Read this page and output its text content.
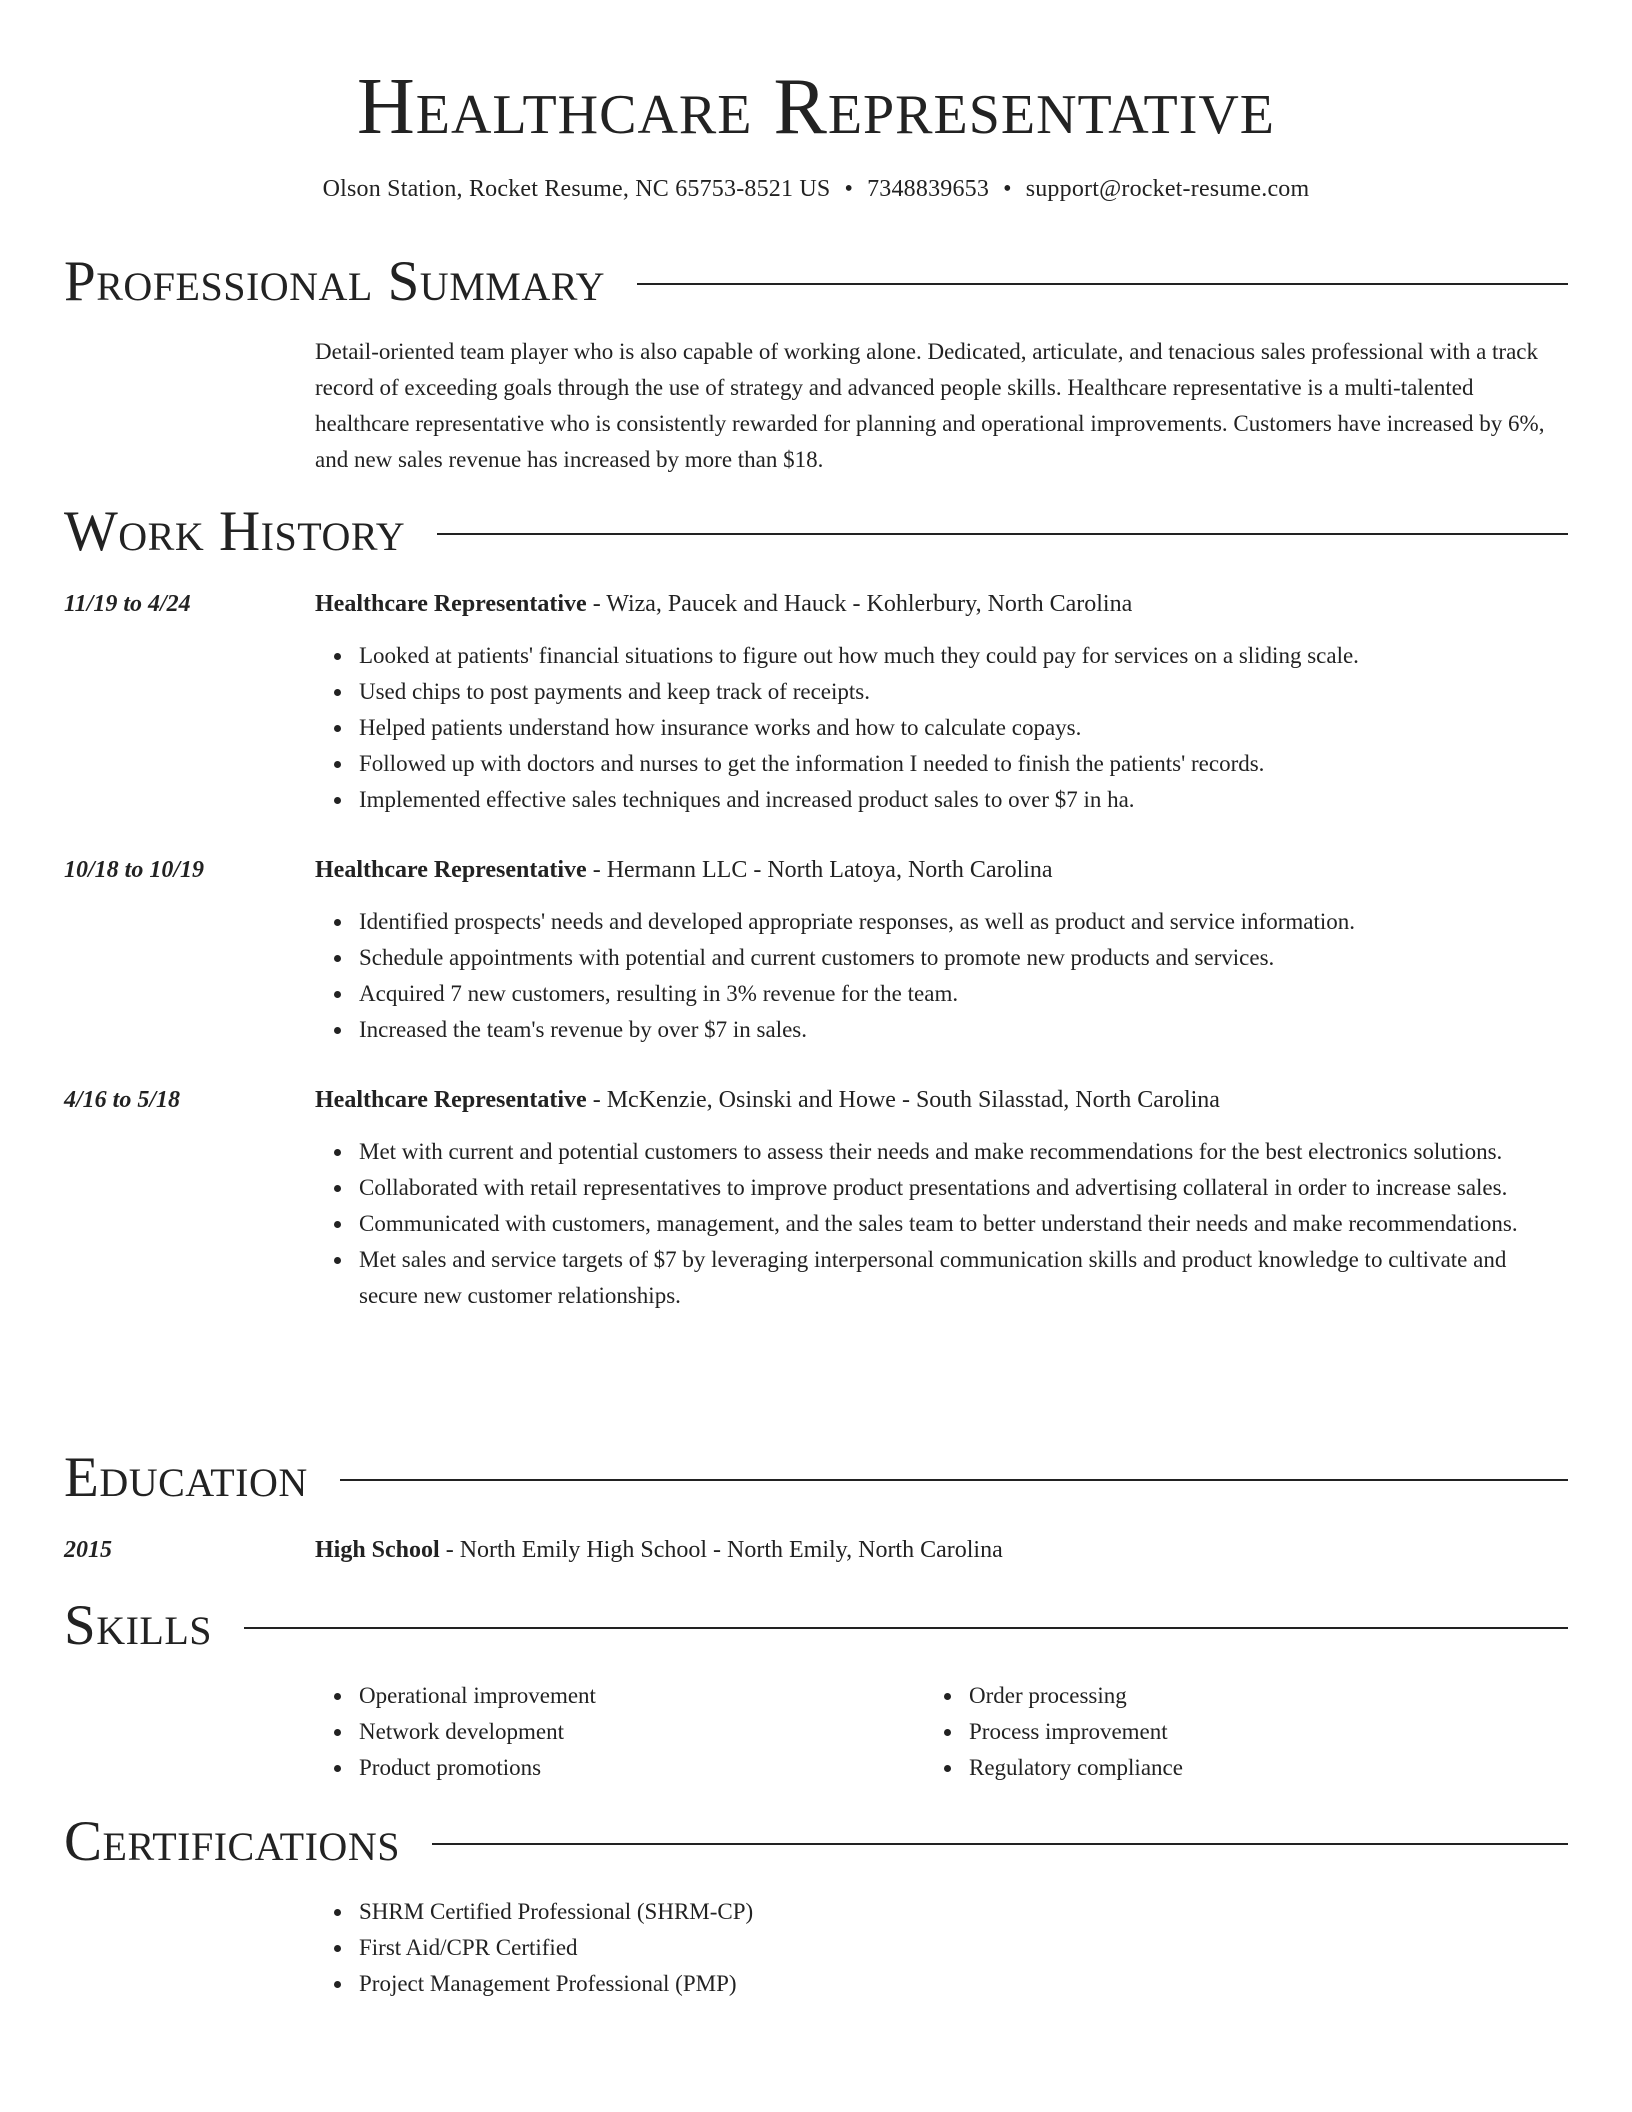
Healthcare Representative
Olson Station, Rocket Resume, NC 65753-8521 US • 7348839653 • support@rocket-resume.com
Professional Summary
Detail-oriented team player who is also capable of working alone. Dedicated, articulate, and tenacious sales professional with a track record of exceeding goals through the use of strategy and advanced people skills. Healthcare representative is a multi-talented healthcare representative who is consistently rewarded for planning and operational improvements. Customers have increased by 6%, and new sales revenue has increased by more than $18.
Work History
11/19 to 4/24	Healthcare Representative - Wiza, Paucek and Hauck - Kohlerbury, North Carolina
Looked at patients' financial situations to figure out how much they could pay for services on a sliding scale.
Used chips to post payments and keep track of receipts.
Helped patients understand how insurance works and how to calculate copays.
Followed up with doctors and nurses to get the information I needed to finish the patients' records.
Implemented effective sales techniques and increased product sales to over $7 in ha.
10/18 to 10/19	Healthcare Representative - Hermann LLC - North Latoya, North Carolina
Identified prospects' needs and developed appropriate responses, as well as product and service information.
Schedule appointments with potential and current customers to promote new products and services.
Acquired 7 new customers, resulting in 3% revenue for the team.
Increased the team's revenue by over $7 in sales.
4/16 to 5/18	Healthcare Representative - McKenzie, Osinski and Howe - South Silasstad, North Carolina
Met with current and potential customers to assess their needs and make recommendations for the best electronics solutions.
Collaborated with retail representatives to improve product presentations and advertising collateral in order to increase sales.
Communicated with customers, management, and the sales team to better understand their needs and make recommendations.
Met sales and service targets of $7 by leveraging interpersonal communication skills and product knowledge to cultivate and secure new customer relationships.
Education
2015	High School - North Emily High School - North Emily, North Carolina
Skills
Operational improvement
Network development
Product promotions
Order processing
Process improvement
Regulatory compliance
Certifications
SHRM Certified Professional (SHRM-CP)
First Aid/CPR Certified
Project Management Professional (PMP)
